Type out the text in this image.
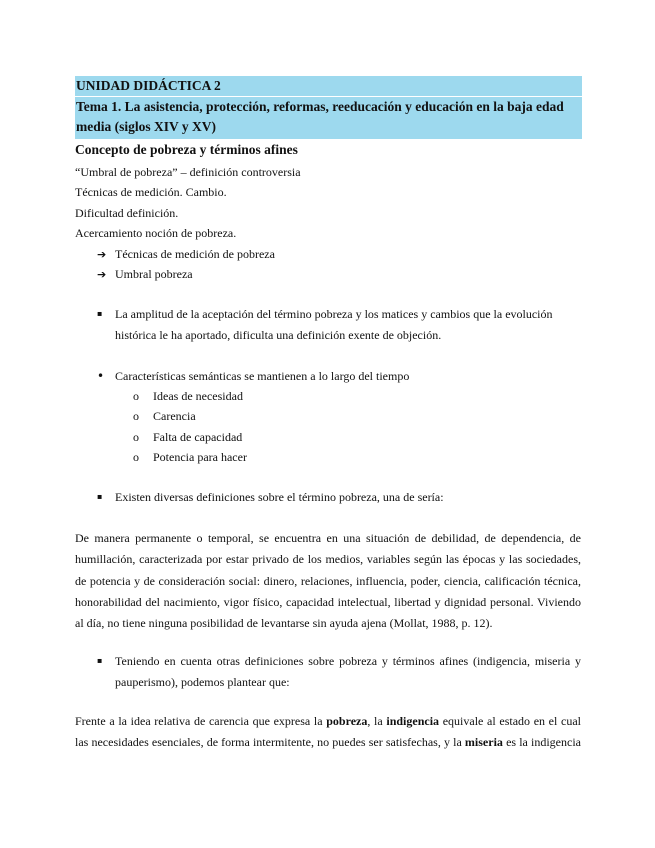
UNIDAD DIDÁCTICA 2
Tema 1. La asistencia, protección, reformas, reeducación y educación en la baja edad media (siglos XIV y XV)
Concepto de pobreza y términos afines
“Umbral de pobreza” – definición controversia
Técnicas de medición. Cambio.
Dificultad definición.
Acercamiento noción de pobreza.
➔ Técnicas de medición de pobreza
➔ Umbral pobreza
▪	La amplitud de la aceptación del término pobreza y los matices y cambios que la evolución histórica le ha aportado, dificulta una definición exente de objeción.
• Características semánticas se mantienen a lo largo del tiempo
o Ideas de necesidad
o Carencia
o Falta de capacidad
o Potencia para hacer
▪	Existen diversas definiciones sobre el término pobreza, una de sería:
De manera permanente o temporal, se encuentra en una situación de debilidad, de dependencia, de humillación, caracterizada por estar privado de los medios, variables según las épocas y las sociedades, de potencia y de consideración social: dinero, relaciones, influencia, poder, ciencia, calificación técnica, honorabilidad del nacimiento, vigor físico, capacidad intelectual, libertad y dignidad personal. Viviendo al día, no tiene ninguna posibilidad de levantarse sin ayuda ajena (Mollat, 1988, p. 12).
▪	Teniendo en cuenta otras definiciones sobre pobreza y términos afines (indigencia, miseria y pauperismo), podemos plantear que:
Frente a la idea relativa de carencia que expresa la pobreza, la indigencia equivale al estado en el cual las necesidades esenciales, de forma intermitente, no puedes ser satisfechas, y la miseria es la indigencia
